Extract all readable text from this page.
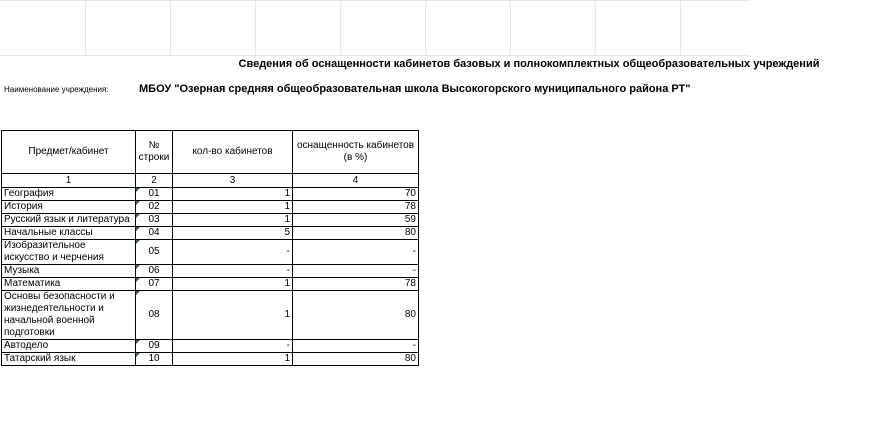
Сведения об оснащенности кабинетов базовых и полнокомплектных общеобразовательных учреждений
Наименование учреждения:	МБОУ "Озерная средняя общеобразовательная школа Высокогорского муниципального района РТ"
Предмет/кабинет	№ строки	кол-во кабинетов	оснащенность кабинетов (в %)
1	2	3	4
География	01	1	70
История	02	1	78
Русский язык и литература	03	1	59
Начальные классы	04	5	80
Изобразительное искусство и черчения	05	-	-
Музыка	06	-	-
Математика	07	1	78
Основы безопасности и жизнедеятельности и начальной военной подготовки	08	1	80
Автодело	09	-	-
Татарский язык	10	1	80
